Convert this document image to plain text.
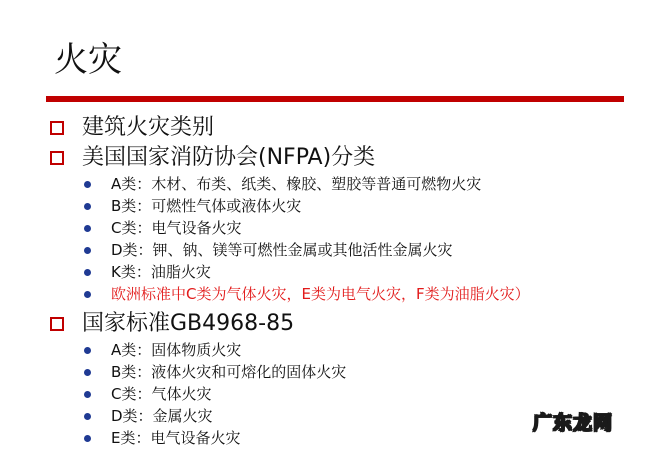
火灾
建筑火灾类别
美国国家消防协会(NFPA)分类
A类：木材、布类、纸类、橡胶、塑胶等普通可燃物火灾
B类：可燃性气体或液体火灾
C类：电气设备火灾
D类：钾、钠、镁等可燃性金属或其他活性金属火灾
K类：油脂火灾
欧洲标准中C类为气体火灾，E类为电气火灾，F类为油脂火灾）
国家标准GB4968-85
A类：固体物质火灾
B类：液体火灾和可熔化的固体火灾
C类：气体火灾
D类：金属火灾
E类：电气设备火灾
广东龙网
